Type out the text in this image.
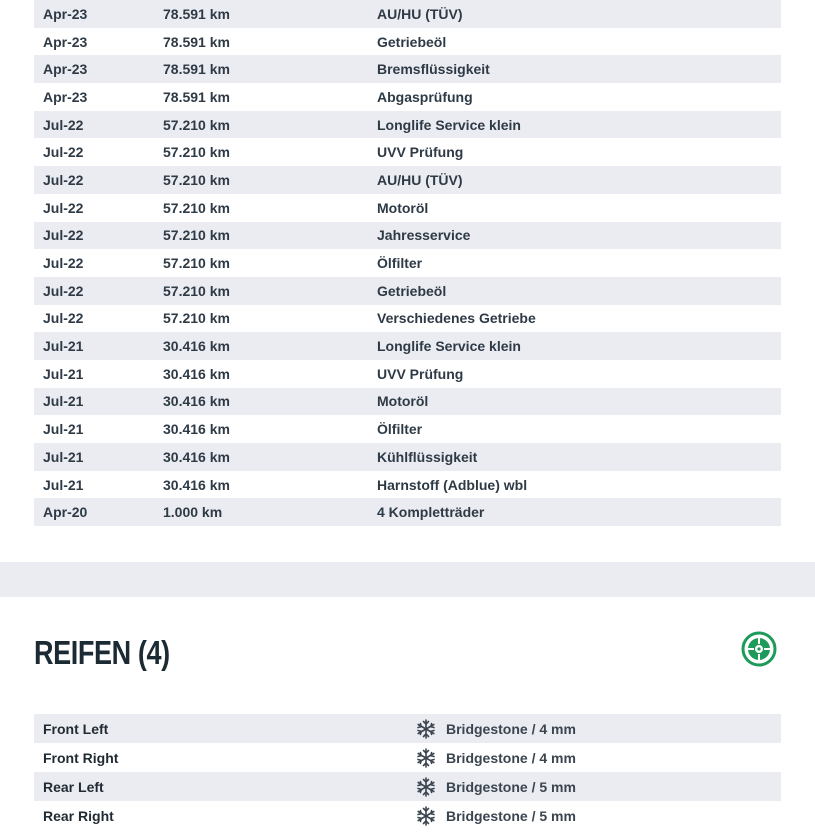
Apr-23	78.591 km	AU/HU (TÜV)
Apr-23	78.591 km	Getriebeöl
Apr-23	78.591 km	Bremsflüssigkeit
Apr-23	78.591 km	Abgasprüfung
Jul-22	57.210 km	Longlife Service klein
Jul-22	57.210 km	UVV Prüfung
Jul-22	57.210 km	AU/HU (TÜV)
Jul-22	57.210 km	Motoröl
Jul-22	57.210 km	Jahresservice
Jul-22	57.210 km	Ölfilter
Jul-22	57.210 km	Getriebeöl
Jul-22	57.210 km	Verschiedenes Getriebe
Jul-21	30.416 km	Longlife Service klein
Jul-21	30.416 km	UVV Prüfung
Jul-21	30.416 km	Motoröl
Jul-21	30.416 km	Ölfilter
Jul-21	30.416 km	Kühlflüssigkeit
Jul-21	30.416 km	Harnstoff (Adblue) wbl
Apr-20	1.000 km	4 Kompletträder
REIFEN (4)
Front Left	Bridgestone / 4 mm
Front Right	Bridgestone / 4 mm
Rear Left	Bridgestone / 5 mm
Rear Right	Bridgestone / 5 mm
